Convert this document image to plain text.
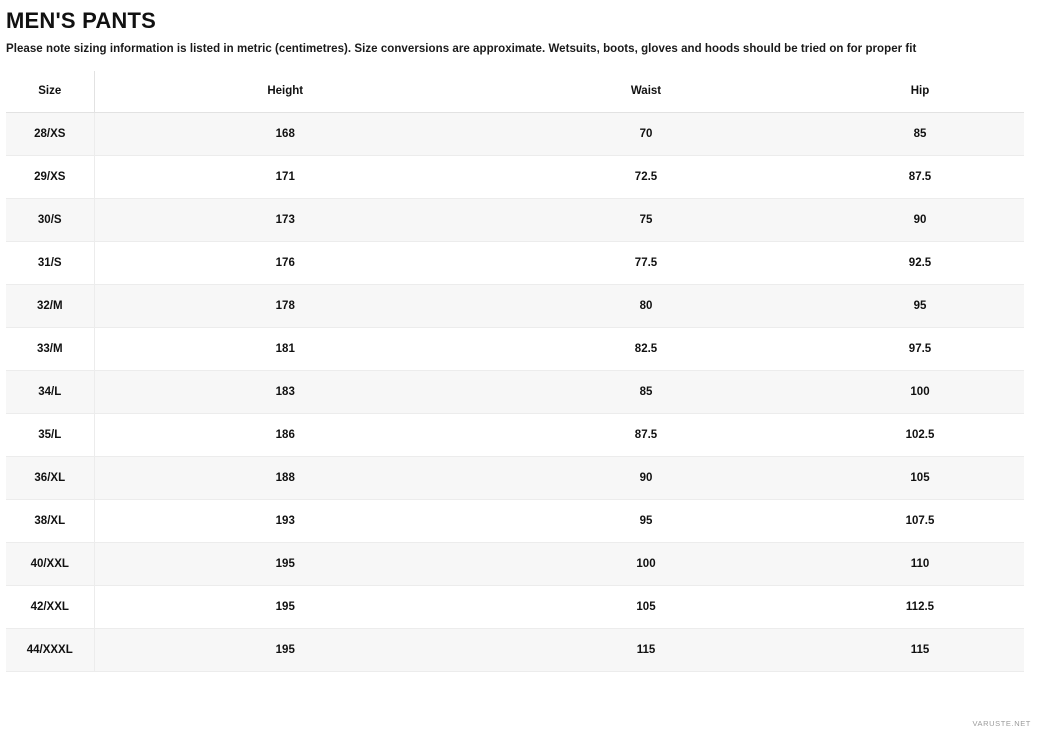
MEN'S PANTS

Please note sizing information is listed in metric (centimetres). Size conversions are approximate. Wetsuits, boots, gloves and hoods should be tried on for proper fit

Size	Height	Waist	Hip
28/XS	168	70	85
29/XS	171	72.5	87.5
30/S	173	75	90
31/S	176	77.5	92.5
32/M	178	80	95
33/M	181	82.5	97.5
34/L	183	85	100
35/L	186	87.5	102.5
36/XL	188	90	105
38/XL	193	95	107.5
40/XXL	195	100	110
42/XXL	195	105	112.5
44/XXXL	195	115	115
VARUSTE.NET
